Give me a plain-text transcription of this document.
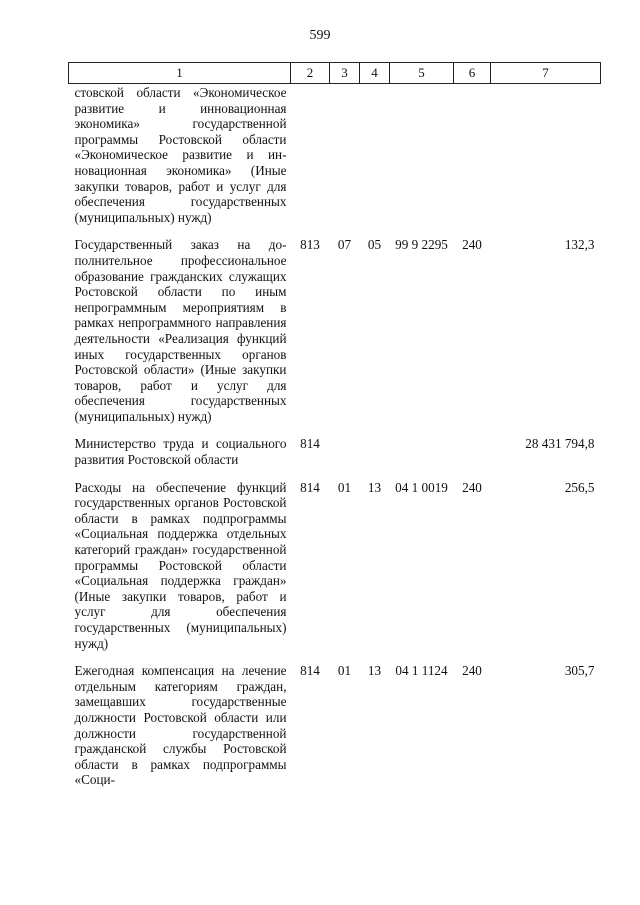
599
1	2	3	4	5	6	7
стовской области «Экономическое развитие и инновационная экономика» государственной программы Ростовской области «Экономическое развитие и инновационная экономика» (Иные закупки товаров, работ и услуг для обеспечения государственных (муниципальных) нужд)						
Государственный заказ на дополнительное профессиональное образование гражданских служащих Ростовской области по иным непрограммным мероприятиям в рамках непрограммного направления деятельности «Реализация функций иных государственных органов Ростовской области» (Иные закупки товаров, работ и услуг для обеспечения государственных (муниципальных) нужд)	813	07	05	99 9 2295	240	132,3
Министерство труда и социального развития Ростовской области	814					28 431 794,8
Расходы на обеспечение функций государственных органов Ростовской области в рамках подпрограммы «Социальная поддержка отдельных категорий граждан» государственной программы Ростовской области «Социальная поддержка граждан» (Иные закупки товаров, работ и услуг для обеспечения государственных (муниципальных) нужд)	814	01	13	04 1 0019	240	256,5
Ежегодная компенсация на лечение отдельным категориям граждан, замещавших государственные должности Ростовской области или должности государственной гражданской службы Ростовской области в рамках подпрограммы «Соци-	814	01	13	04 1 1124	240	305,7
